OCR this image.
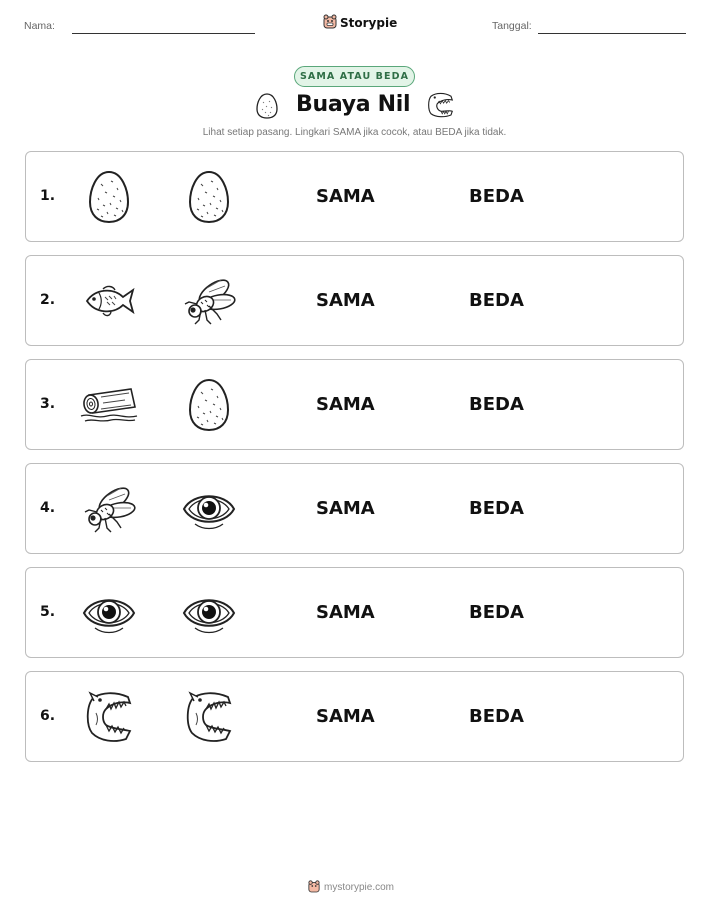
Nama:	Storypie	Tanggal:
SAMA ATAU BEDA
Buaya Nil
Lihat setiap pasang. Lingkari SAMA jika cocok, atau BEDA jika tidak.
1.	SAMA	BEDA
2.	SAMA	BEDA
3.	SAMA	BEDA
4.	SAMA	BEDA
5.	SAMA	BEDA
6.	SAMA	BEDA
mystorypie.com
